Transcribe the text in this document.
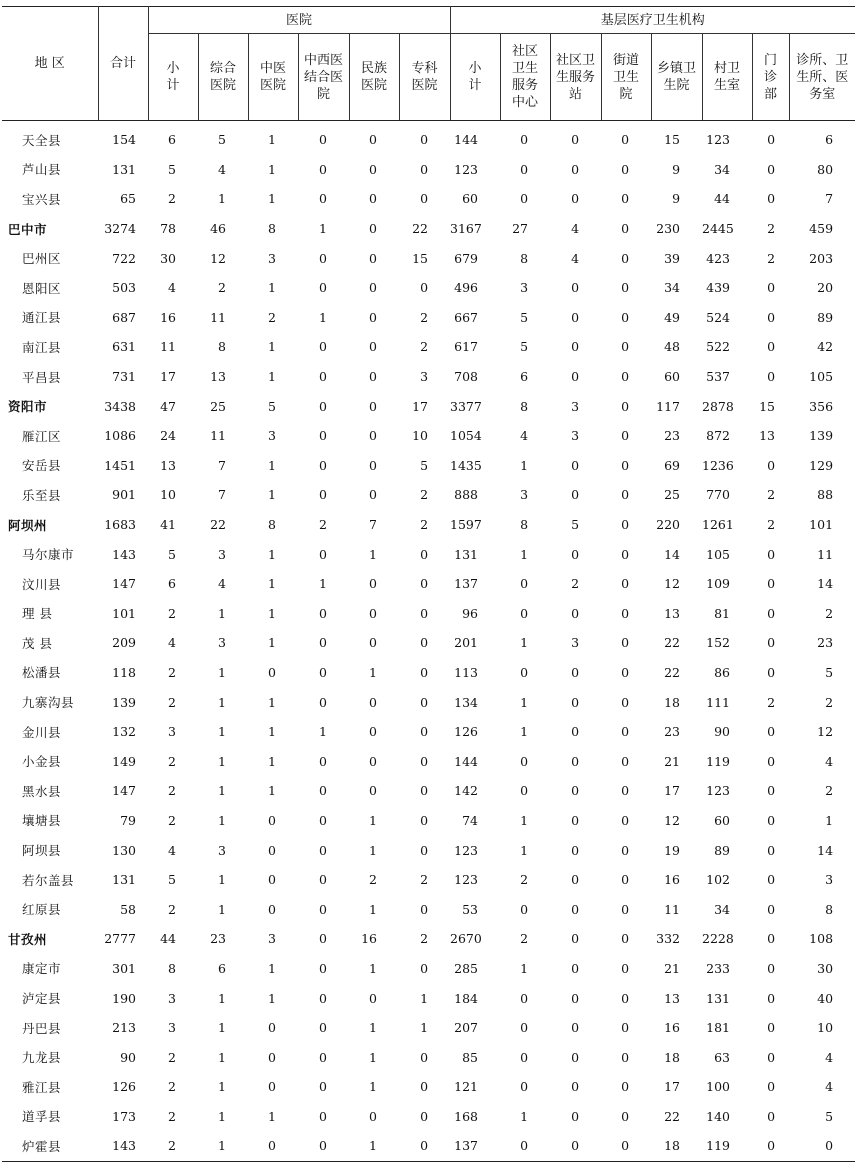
地 区	合计	医院						基层医疗卫生机构							

		小计	综合医院	中医医院	中西医结合医院	民族医院	专科医院	小计	社区卫生服务中心	社区卫生服务站	街道卫生院	乡镇卫生院	村卫生室	门诊部	诊所、卫生所、医务室

天全县	154	6	5	1	0	0	0	144	0	0	0	15	123	0	6
芦山县	131	5	4	1	0	0	0	123	0	0	0	9	34	0	80
宝兴县	65	2	1	1	0	0	0	60	0	0	0	9	44	0	7
巴中市	3274	78	46	8	1	0	22	3167	27	4	0	230	2445	2	459
巴州区	722	30	12	3	0	0	15	679	8	4	0	39	423	2	203
恩阳区	503	4	2	1	0	0	0	496	3	0	0	34	439	0	20
通江县	687	16	11	2	1	0	2	667	5	0	0	49	524	0	89
南江县	631	11	8	1	0	0	2	617	5	0	0	48	522	0	42
平昌县	731	17	13	1	0	0	3	708	6	0	0	60	537	0	105
资阳市	3438	47	25	5	0	0	17	3377	8	3	0	117	2878	15	356
雁江区	1086	24	11	3	0	0	10	1054	4	3	0	23	872	13	139
安岳县	1451	13	7	1	0	0	5	1435	1	0	0	69	1236	0	129
乐至县	901	10	7	1	0	0	2	888	3	0	0	25	770	2	88
阿坝州	1683	41	22	8	2	7	2	1597	8	5	0	220	1261	2	101
马尔康市	143	5	3	1	0	1	0	131	1	0	0	14	105	0	11
汶川县	147	6	4	1	1	0	0	137	0	2	0	12	109	0	14
理 县	101	2	1	1	0	0	0	96	0	0	0	13	81	0	2
茂 县	209	4	3	1	0	0	0	201	1	3	0	22	152	0	23
松潘县	118	2	1	0	0	1	0	113	0	0	0	22	86	0	5
九寨沟县	139	2	1	1	0	0	0	134	1	0	0	18	111	2	2
金川县	132	3	1	1	1	0	0	126	1	0	0	23	90	0	12
小金县	149	2	1	1	0	0	0	144	0	0	0	21	119	0	4
黑水县	147	2	1	1	0	0	0	142	0	0	0	17	123	0	2
壤塘县	79	2	1	0	0	1	0	74	1	0	0	12	60	0	1
阿坝县	130	4	3	0	0	1	0	123	1	0	0	19	89	0	14
若尔盖县	131	5	1	0	0	2	2	123	2	0	0	16	102	0	3
红原县	58	2	1	0	0	1	0	53	0	0	0	11	34	0	8
甘孜州	2777	44	23	3	0	16	2	2670	2	0	0	332	2228	0	108
康定市	301	8	6	1	0	1	0	285	1	0	0	21	233	0	30
泸定县	190	3	1	1	0	0	1	184	0	0	0	13	131	0	40
丹巴县	213	3	1	0	0	1	1	207	0	0	0	16	181	0	10
九龙县	90	2	1	0	0	1	0	85	0	0	0	18	63	0	4
雅江县	126	2	1	0	0	1	0	121	0	0	0	17	100	0	4
道孚县	173	2	1	1	0	0	0	168	1	0	0	22	140	0	5
炉霍县	143	2	1	0	0	1	0	137	0	0	0	18	119	0	0
